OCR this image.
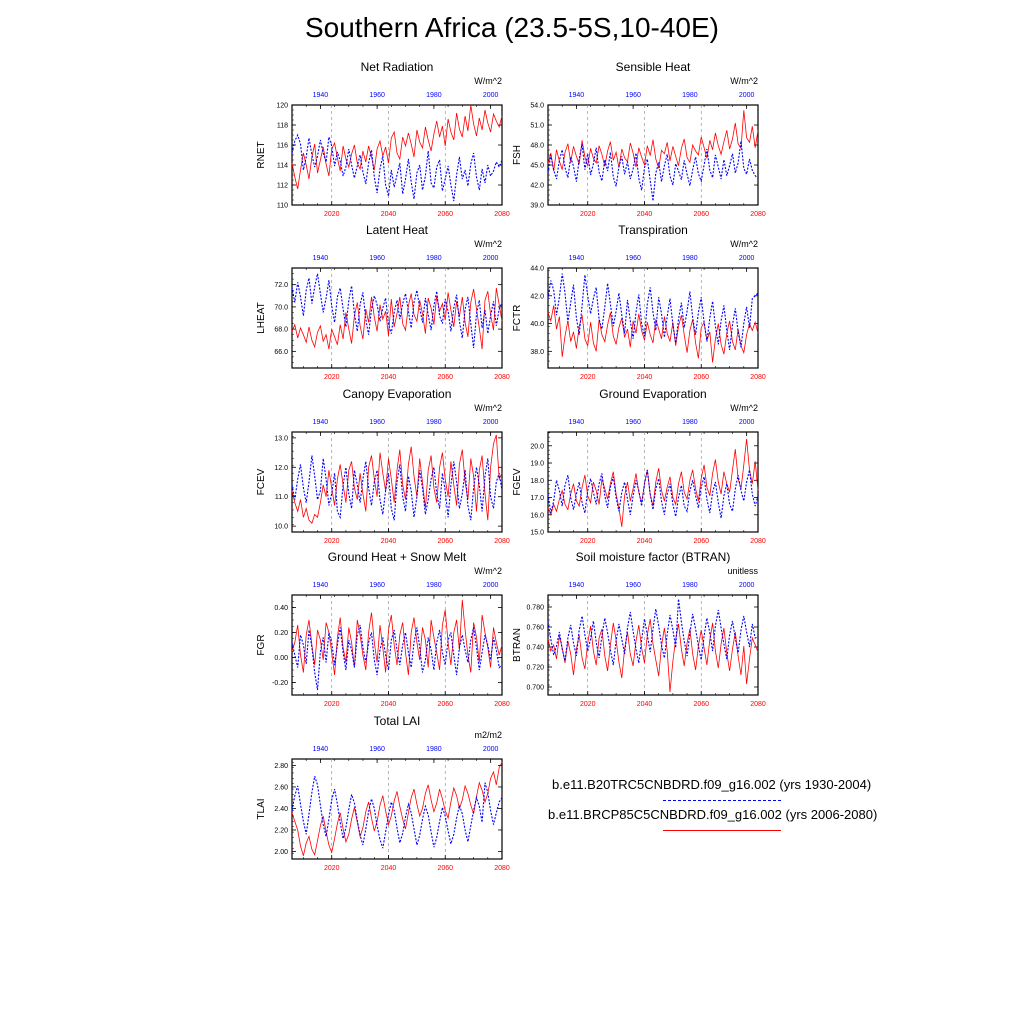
Southern Africa (23.5-5S,10-40E)
Net Radiation
W/m^2
RNET
2020	2040	2060	2080
1940	1960	1980	2000
110
112
114
116
118
120
Sensible Heat
W/m^2
FSH
2020	2040	2060	2080
1940	1960	1980	2000
39.0
42.0
45.0
48.0
51.0
54.0
Latent Heat
W/m^2
LHEAT
2020	2040	2060	2080
1940	1960	1980	2000
66.0
68.0
70.0
72.0
Transpiration
W/m^2
FCTR
2020	2040	2060	2080
1940	1960	1980	2000
38.0
40.0
42.0
44.0
Canopy Evaporation
W/m^2
FCEV
2020	2040	2060	2080
1940	1960	1980	2000
10.0
11.0
12.0
13.0
Ground Evaporation
W/m^2
FGEV
2020	2040	2060	2080
1940	1960	1980	2000
15.0
16.0
17.0
18.0
19.0
20.0
Ground Heat + Snow Melt
W/m^2
FGR
2020	2040	2060	2080
1940	1960	1980	2000
-0.20
0.00
0.20
0.40
Soil moisture factor (BTRAN)
unitless
BTRAN
2020	2040	2060	2080
1940	1960	1980	2000
0.700
0.720
0.740
0.760
0.780
Total LAI
m2/m2
TLAI
2020	2040	2060	2080
1940	1960	1980	2000
2.00
2.20
2.40
2.60
2.80
b.e11.B20TRC5CNBDRD.f09_g16.002 (yrs 1930-2004)
b.e11.BRCP85C5CNBDRD.f09_g16.002 (yrs 2006-2080)
